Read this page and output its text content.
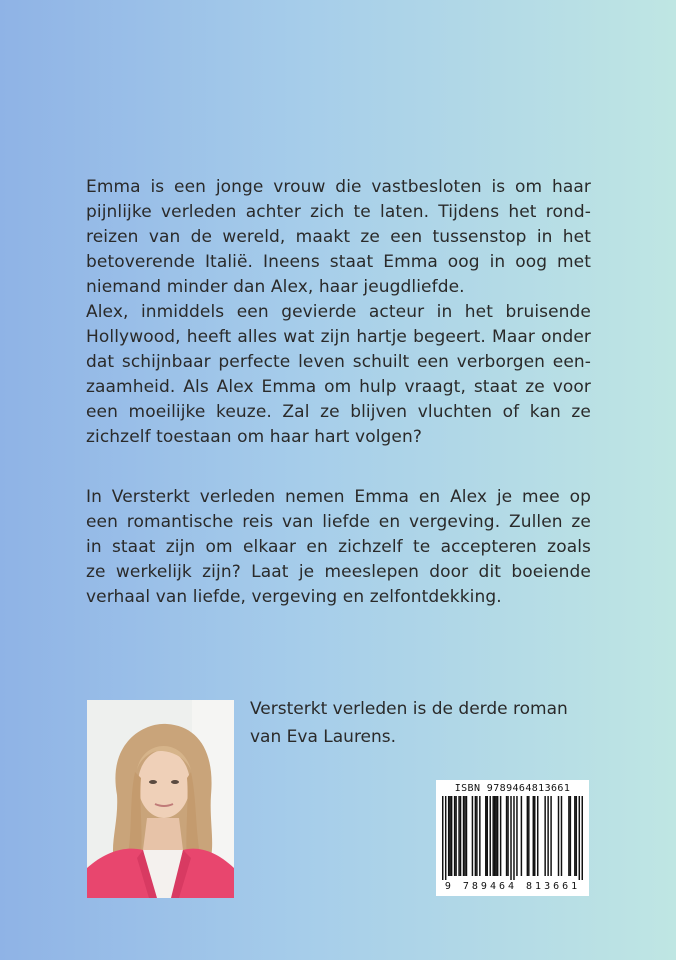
Emma is een jonge vrouw die vastbesloten is om haar
pijnlijke verleden achter zich te laten. Tijdens het rond-
reizen van de wereld, maakt ze een tussenstop in het
betoverende Italië. Ineens staat Emma oog in oog met
niemand minder dan Alex, haar jeugdliefde.
Alex, inmiddels een gevierde acteur in het bruisende
Hollywood, heeft alles wat zijn hartje begeert. Maar onder
dat schijnbaar perfecte leven schuilt een verborgen een-
zaamheid. Als Alex Emma om hulp vraagt, staat ze voor
een moeilijke keuze. Zal ze blijven vluchten of kan ze
zichzelf toestaan om haar hart volgen?
In Versterkt verleden nemen Emma en Alex je mee op
een romantische reis van liefde en vergeving. Zullen ze
in staat zijn om elkaar en zichzelf te accepteren zoals
ze werkelijk zijn? Laat je meeslepen door dit boeiende
verhaal van liefde, vergeving en zelfontdekking.

Versterkt verleden is de derde roman
van Eva Laurens.

ISBN 9789464813661
9 789464 813661
